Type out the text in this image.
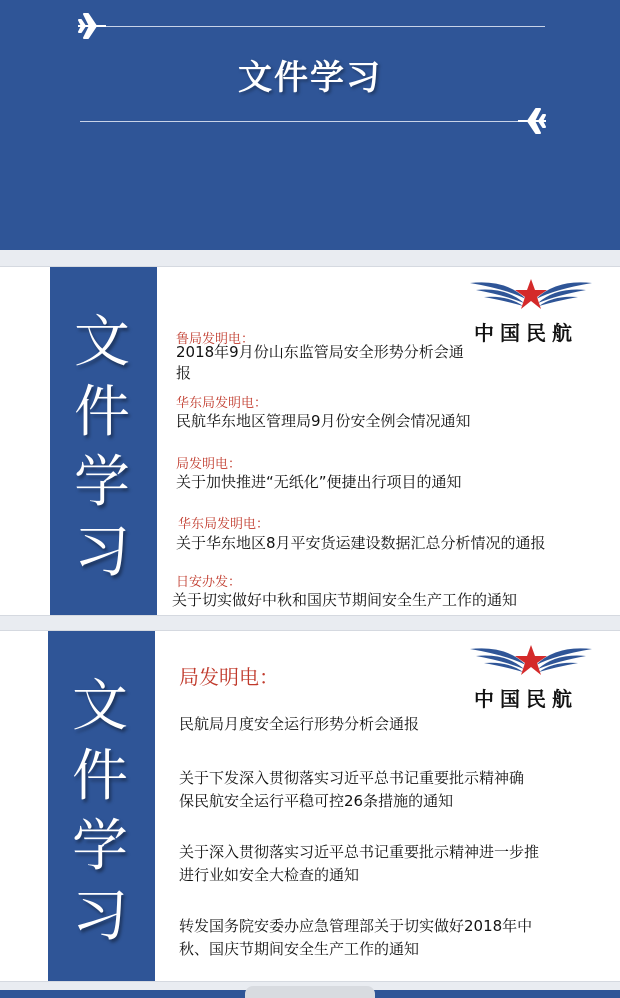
文件学习
文
件
学
习
中国民航
鲁局发明电：
2018年9月份山东监管局安全形势分析会通
报
华东局发明电：
民航华东地区管理局9月份安全例会情况通知
局发明电：
关于加快推进“无纸化”便捷出行项目的通知
华东局发明电：
关于华东地区8月平安货运建设数据汇总分析情况的通报
日安办发：
关于切实做好中秋和国庆节期间安全生产工作的通知
文
件
学
习
中国民航
局发明电：
民航局月度安全运行形势分析会通报
关于下发深入贯彻落实习近平总书记重要批示精神确
保民航安全运行平稳可控26条措施的通知
关于深入贯彻落实习近平总书记重要批示精神进一步推
进行业如安全大检查的通知
转发国务院安委办应急管理部关于切实做好2018年中
秋、国庆节期间安全生产工作的通知
